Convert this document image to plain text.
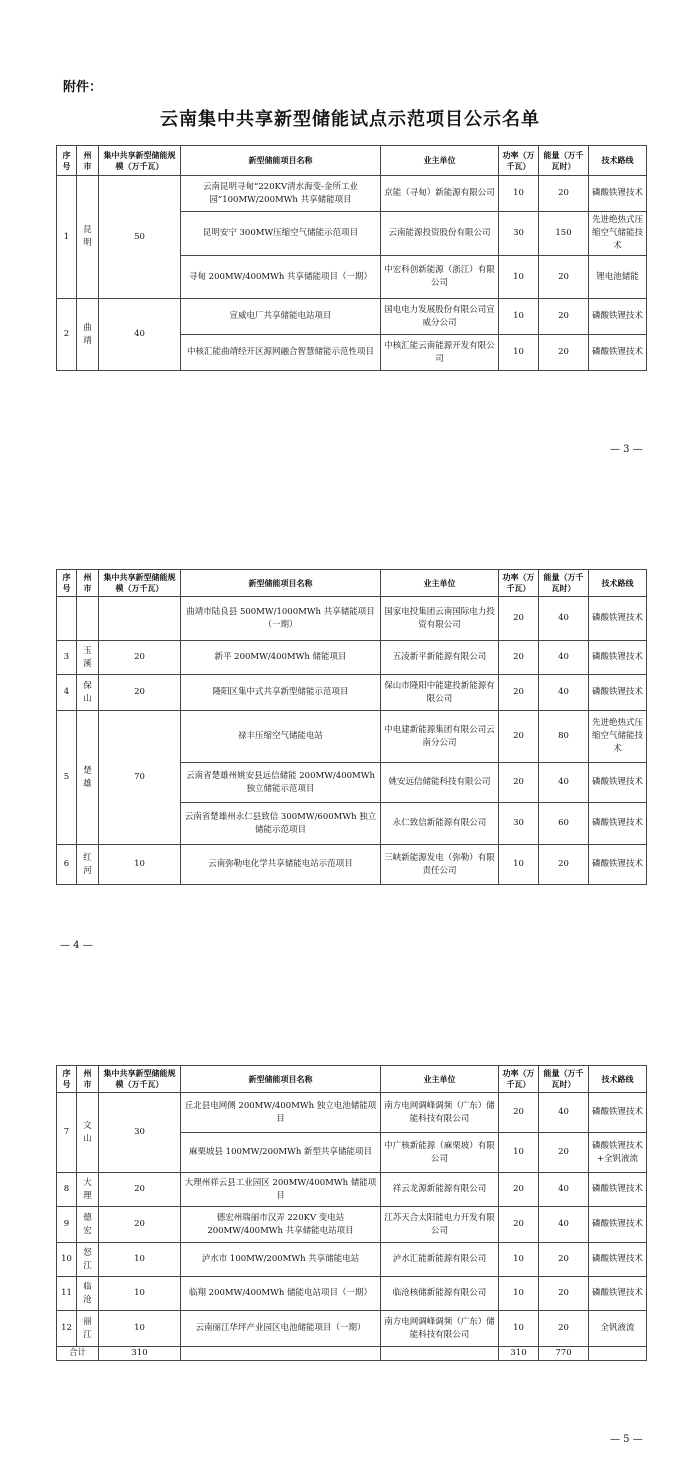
附件：
云南集中共享新型储能试点示范项目公示名单
序号	州市	集中共享新型储能规模（万千瓦）	新型储能项目名称	业主单位	功率（万千瓦）	能量（万千瓦时）	技术路线
1	昆明	50	云南昆明寻甸“220KV清水海变-金所工业园”100MW/200MWh 共享储能项目	京能（寻甸）新能源有限公司	10	20	磷酸铁锂技术
			昆明安宁 300MW压缩空气储能示范项目	云南能源投资股份有限公司	30	150	先进绝热式压缩空气储能技术
			寻甸 200MW/400MWh 共享储能项目（一期）	中宏科创新能源（浙江）有限公司	10	20	锂电池储能
2	曲靖	40	宣威电厂共享储能电站项目	国电电力发展股份有限公司宣威分公司	10	20	磷酸铁锂技术
			中核汇能曲靖经开区源网融合智慧储能示范性项目	中核汇能云南能源开发有限公司	10	20	磷酸铁锂技术
— 3 —
序号	州市	集中共享新型储能规模（万千瓦）	新型储能项目名称	业主单位	功率（万千瓦）	能量（万千瓦时）	技术路线
			曲靖市陆良县 500MW/1000MWh 共享储能项目（一期）	国家电投集团云南国际电力投资有限公司	20	40	磷酸铁锂技术
3	玉溪	20	新平 200MW/400MWh 储能项目	五凌新平新能源有限公司	20	40	磷酸铁锂技术
4	保山	20	隆阳区集中式共享新型储能示范项目	保山市隆阳中能建投新能源有限公司	20	40	磷酸铁锂技术
5	楚雄	70	禄丰压缩空气储能电站	中电建新能源集团有限公司云南分公司	20	80	先进绝热式压缩空气储能技术
			云南省楚雄州姚安县远信储能 200MW/400MWh 独立储能示范项目	姚安远信储能科技有限公司	20	40	磷酸铁锂技术
			云南省楚雄州永仁县致信 300MW/600MWh 独立储能示范项目	永仁致信新能源有限公司	30	60	磷酸铁锂技术
6	红河	10	云南弥勒电化学共享储能电站示范项目	三峡新能源发电（弥勒）有限责任公司	10	20	磷酸铁锂技术
— 4 —
序号	州市	集中共享新型储能规模（万千瓦）	新型储能项目名称	业主单位	功率（万千瓦）	能量（万千瓦时）	技术路线
7	文山	30	丘北县电网侧 200MW/400MWh 独立电池储能项目	南方电网调峰调频（广东）储能科技有限公司	20	40	磷酸铁锂技术
			麻栗坡县 100MW/200MWh 新型共享储能项目	中广核新能源（麻栗坡）有限公司	10	20	磷酸铁锂技术+全钒液流
8	大理	20	大理州祥云县工业园区 200MW/400MWh 储能项目	祥云龙源新能源有限公司	20	40	磷酸铁锂技术
9	德宏	20	德宏州瑞丽市汉弄 220KV 变电站 200MW/400MWh 共享储能电站项目	江苏天合太阳能电力开发有限公司	20	40	磷酸铁锂技术
10	怒江	10	泸水市 100MW/200MWh 共享储能电站	泸水汇能新能源有限公司	10	20	磷酸铁锂技术
11	临沧	10	临翔 200MW/400MWh 储能电站项目（一期）	临沧核储新能源有限公司	10	20	磷酸铁锂技术
12	丽江	10	云南丽江华坪产业园区电池储能项目（一期）	南方电网调峰调频（广东）储能科技有限公司	10	20	全钒液流
合计		310			310	770	
— 5 —
